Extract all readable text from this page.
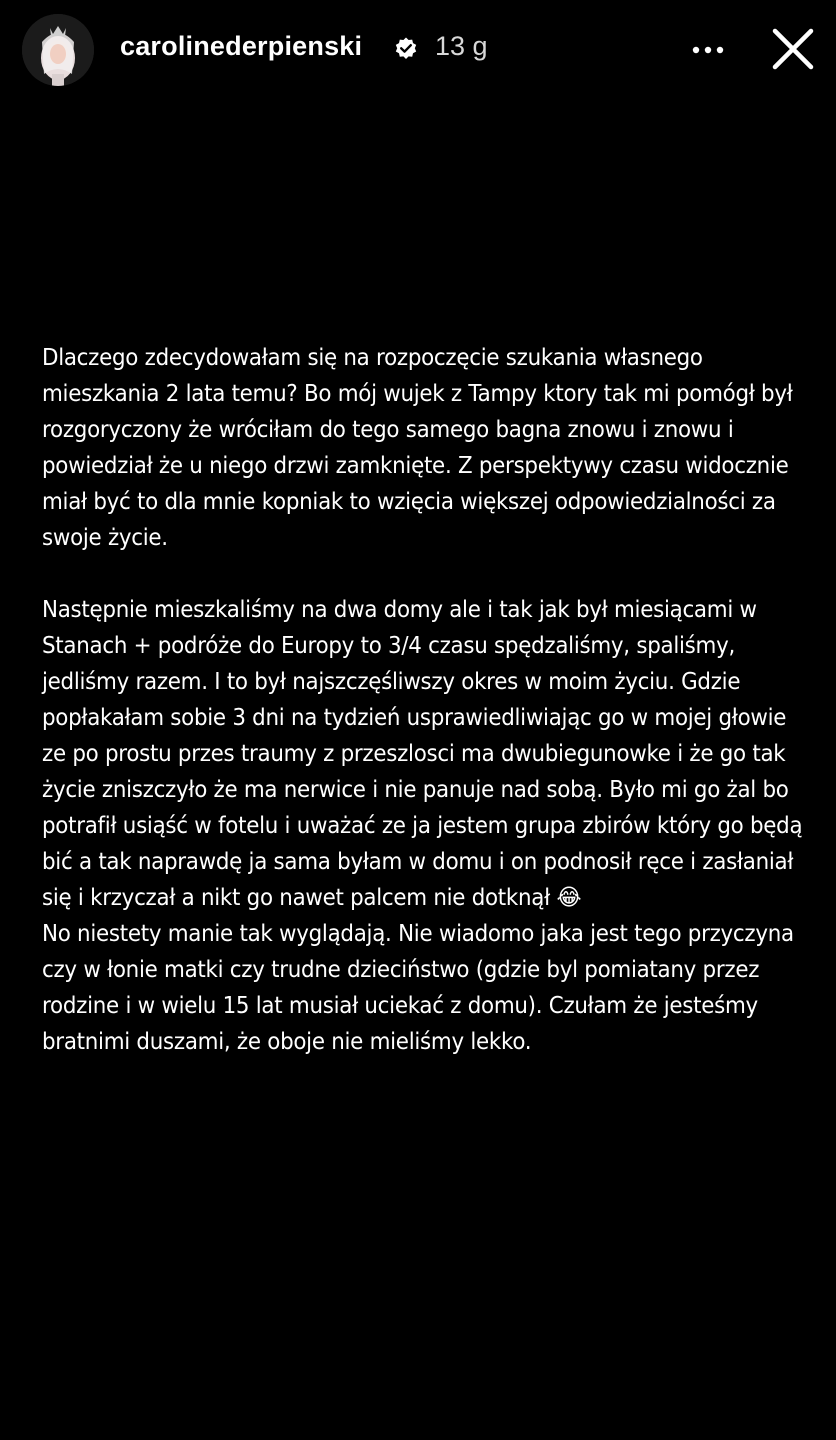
carolinederpienski	13 g

Dlaczego zdecydowałam się na rozpoczęcie szukania własnego mieszkania 2 lata temu? Bo mój wujek z Tampy ktory tak mi pomógł był rozgoryczony że wróciłam do tego samego bagna znowu i znowu i powiedział że u niego drzwi zamknięte. Z perspektywy czasu widocznie miał być to dla mnie kopniak to wzięcia większej odpowiedzialności za swoje życie.

Następnie mieszkaliśmy na dwa domy ale i tak jak był miesiącami w Stanach + podróże do Europy to 3/4 czasu spędzaliśmy, spaliśmy, jedliśmy razem. I to był najszczęśliwszy okres w moim życiu. Gdzie popłakałam sobie 3 dni na tydzień usprawiedliwiając go w mojej głowie ze po prostu przes traumy z przeszlosci ma dwubiegunowke i że go tak życie zniszczyło że ma nerwice i nie panuje nad sobą. Było mi go żal bo potrafił usiąść w fotelu i uważać ze ja jestem grupa zbirów który go będą bić a tak naprawdę ja sama byłam w domu i on podnosił ręce i zasłaniał się i krzyczał a nikt go nawet palcem nie dotknął 😂

No niestety manie tak wyglądają. Nie wiadomo jaka jest tego przyczyna czy w łonie matki czy trudne dzieciństwo (gdzie byl pomiatany przez rodzine i w wielu 15 lat musiał uciekać z domu). Czułam że jesteśmy bratnimi duszami, że oboje nie mieliśmy lekko.
